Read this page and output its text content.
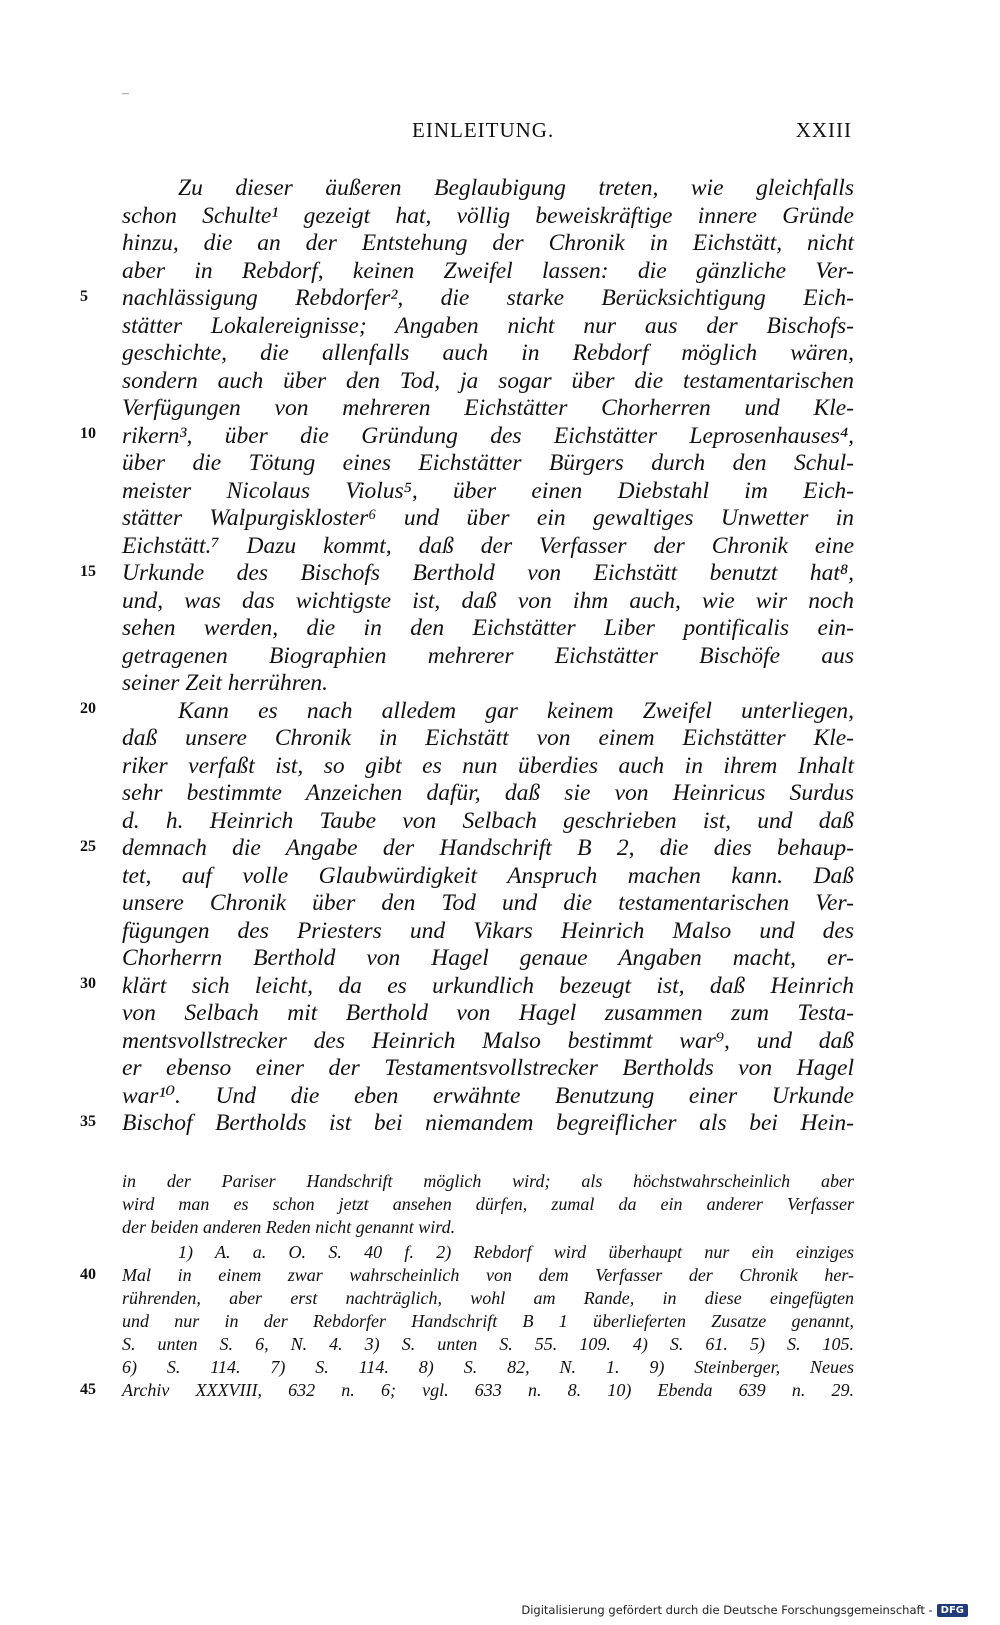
–
EINLEITUNG.	XXIII
Zu dieser äußeren Beglaubigung treten, wie gleichfalls
schon Schulte¹ gezeigt hat, völlig beweiskräftige innere Gründe
hinzu, die an der Entstehung der Chronik in Eichstätt, nicht
aber in Rebdorf, keinen Zweifel lassen: die gänzliche Ver-
5	nachlässigung Rebdorfer², die starke Berücksichtigung Eich-
stätter Lokalereignisse; Angaben nicht nur aus der Bischofs-
geschichte, die allenfalls auch in Rebdorf möglich wären,
sondern auch über den Tod, ja sogar über die testamentarischen
Verfügungen von mehreren Eichstätter Chorherren und Kle-
10	rikern³, über die Gründung des Eichstätter Leprosenhauses⁴,
über die Tötung eines Eichstätter Bürgers durch den Schul-
meister Nicolaus Violus⁵, über einen Diebstahl im Eich-
stätter Walpurgiskloster⁶ und über ein gewaltiges Unwetter in
Eichstätt.⁷ Dazu kommt, daß der Verfasser der Chronik eine
15	Urkunde des Bischofs Berthold von Eichstätt benutzt hat⁸,
und, was das wichtigste ist, daß von ihm auch, wie wir noch
sehen werden, die in den Eichstätter Liber pontificalis ein-
getragenen Biographien mehrerer Eichstätter Bischöfe aus
seiner Zeit herrühren.
20	Kann es nach alledem gar keinem Zweifel unterliegen,
daß unsere Chronik in Eichstätt von einem Eichstätter Kle-
riker verfaßt ist, so gibt es nun überdies auch in ihrem Inhalt
sehr bestimmte Anzeichen dafür, daß sie von Heinricus Surdus
d. h. Heinrich Taube von Selbach geschrieben ist, und daß
25	demnach die Angabe der Handschrift B 2, die dies behaup-
tet, auf volle Glaubwürdigkeit Anspruch machen kann. Daß
unsere Chronik über den Tod und die testamentarischen Ver-
fügungen des Priesters und Vikars Heinrich Malso und des
Chorherrn Berthold von Hagel genaue Angaben macht, er-
30	klärt sich leicht, da es urkundlich bezeugt ist, daß Heinrich
von Selbach mit Berthold von Hagel zusammen zum Testa-
mentsvollstrecker des Heinrich Malso bestimmt war⁹, und daß
er ebenso einer der Testamentsvollstrecker Bertholds von Hagel
war¹⁰. Und die eben erwähnte Benutzung einer Urkunde
35	Bischof Bertholds ist bei niemandem begreiflicher als bei Hein-
in der Pariser Handschrift möglich wird; als höchstwahrscheinlich aber
wird man es schon jetzt ansehen dürfen, zumal da ein anderer Verfasser
der beiden anderen Reden nicht genannt wird.
1) A. a. O. S. 40 f. 2) Rebdorf wird überhaupt nur ein einziges
40	Mal in einem zwar wahrscheinlich von dem Verfasser der Chronik her-
rührenden, aber erst nachträglich, wohl am Rande, in diese eingefügten
und nur in der Rebdorfer Handschrift B 1 überlieferten Zusatze genannt,
S. unten S. 6, N. 4. 3) S. unten S. 55. 109. 4) S. 61. 5) S. 105.
6) S. 114. 7) S. 114. 8) S. 82, N. 1. 9) Steinberger, Neues
45	Archiv XXXVIII, 632 n. 6; vgl. 633 n. 8. 10) Ebenda 639 n. 29.
Digitalisierung gefördert durch die Deutsche Forschungsgemeinschaft - DFG
